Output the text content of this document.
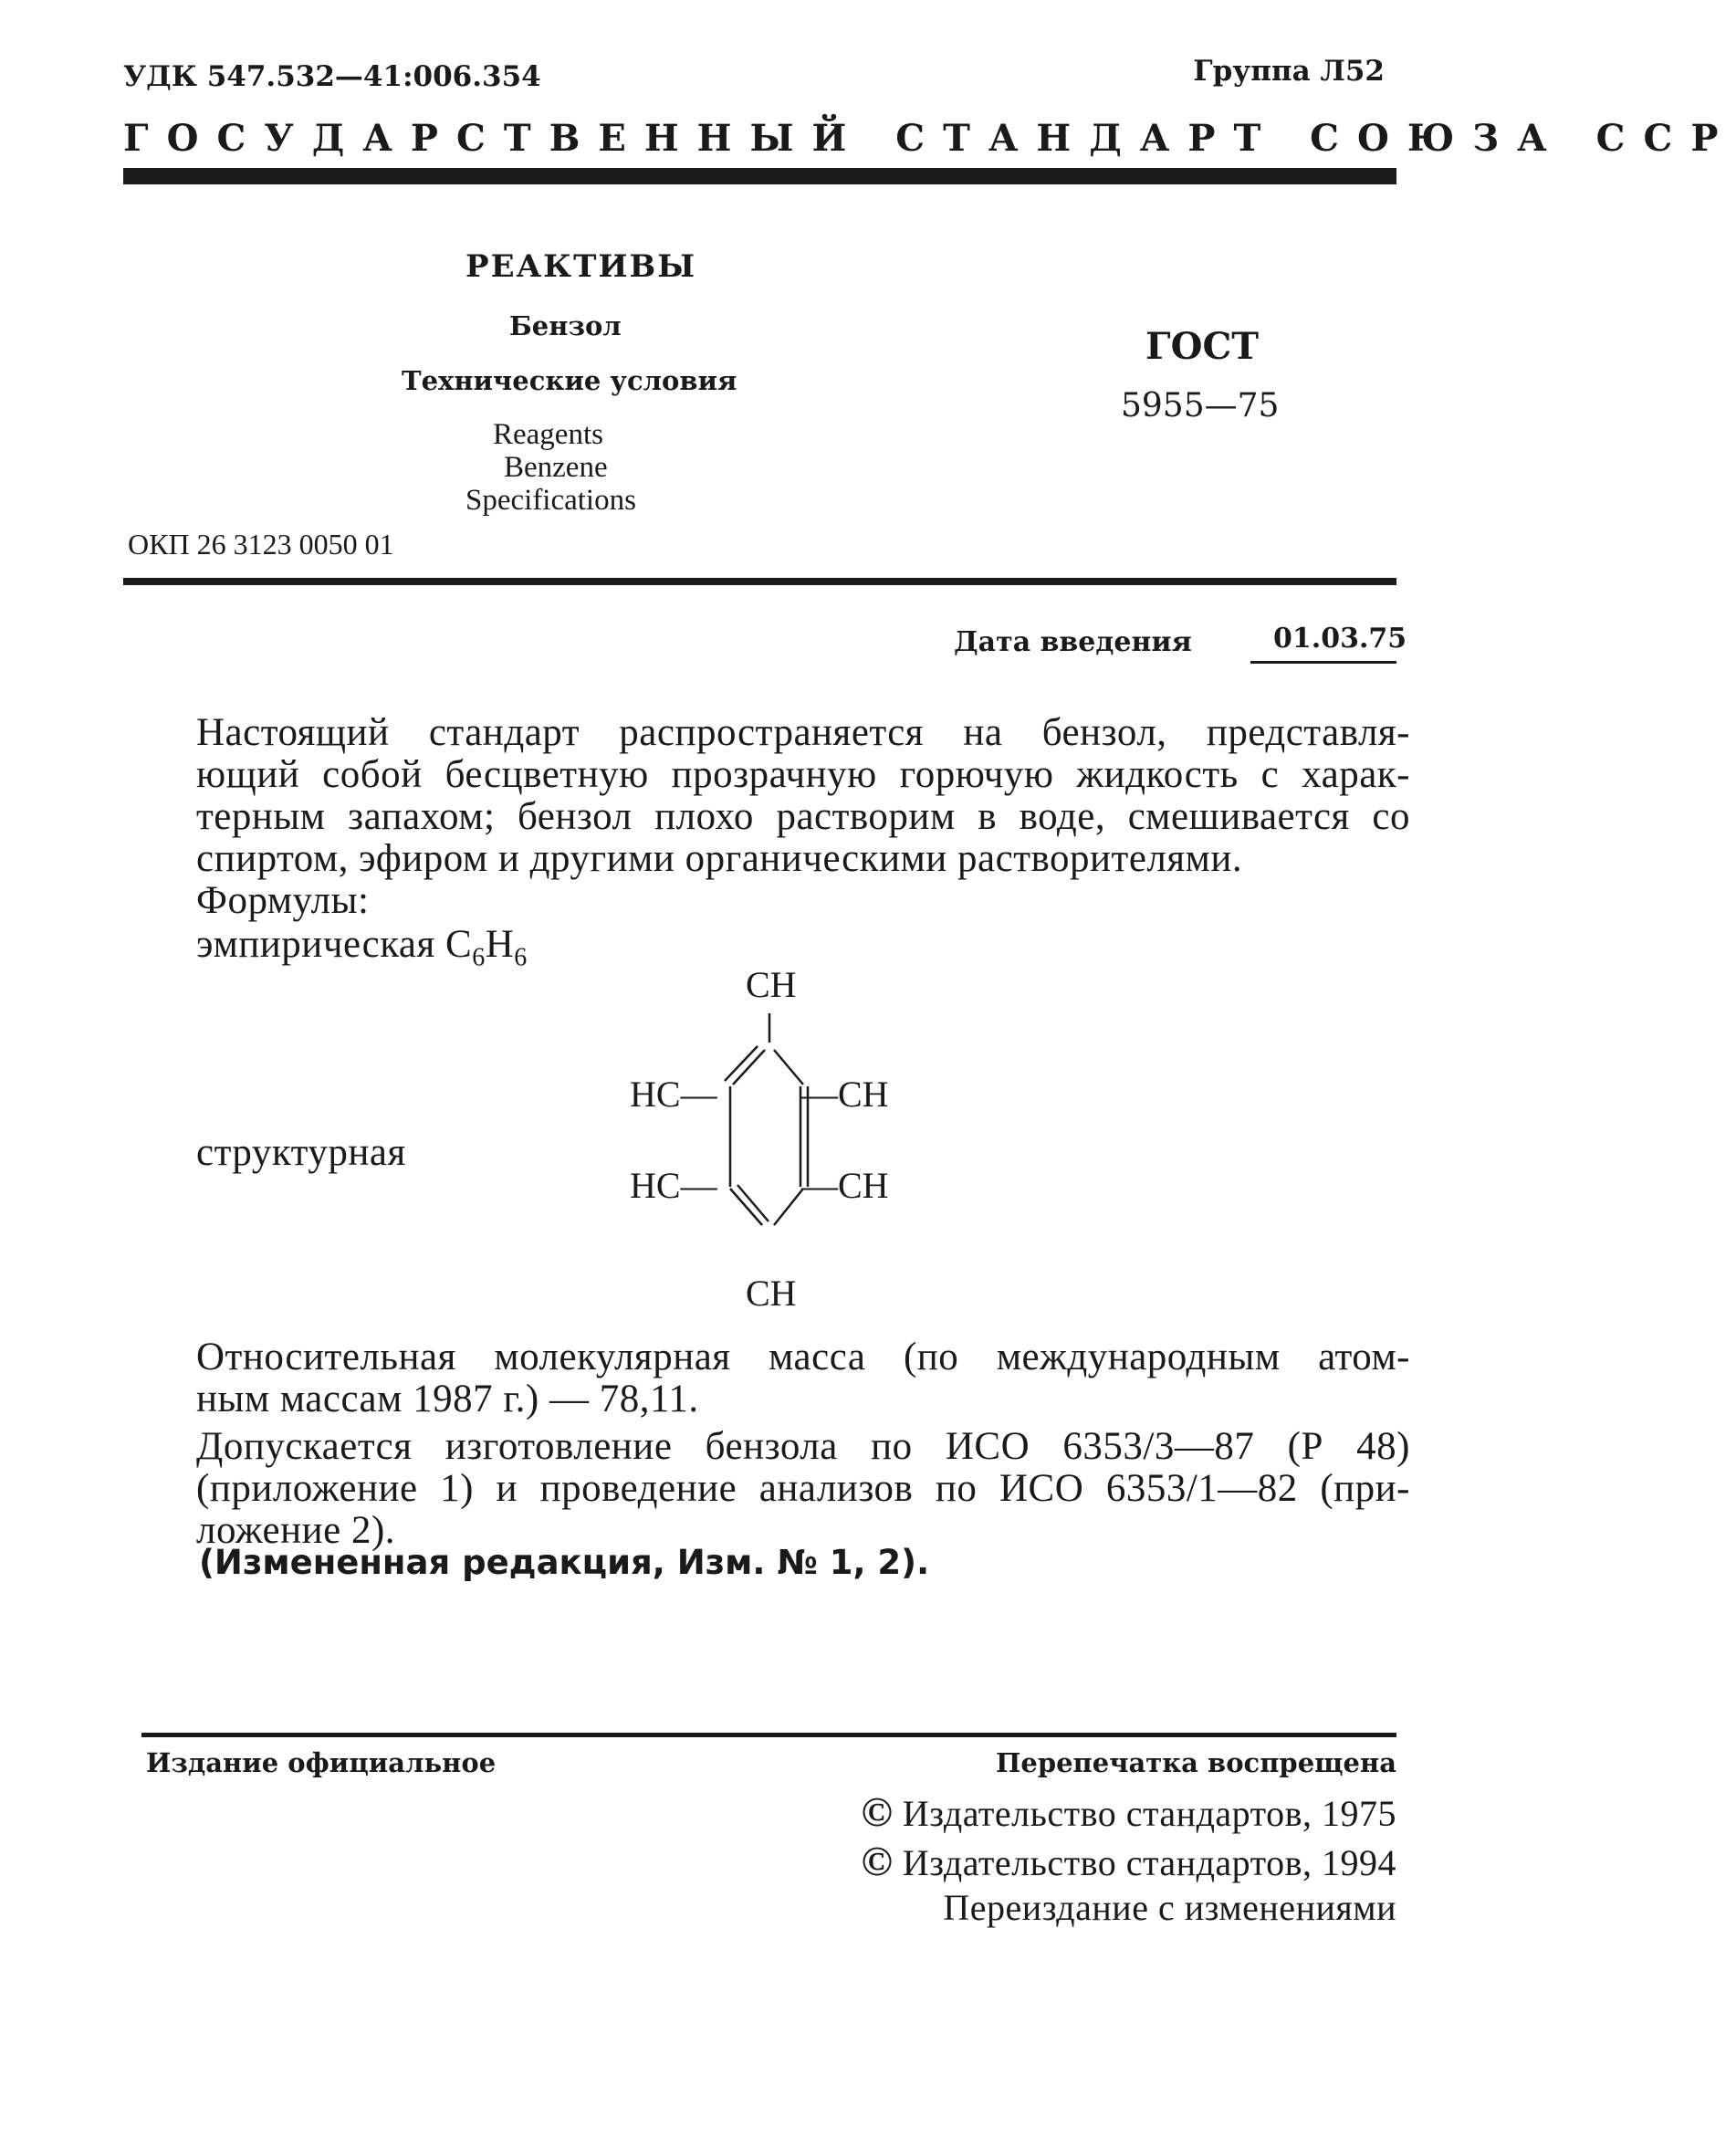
УДК 547.532—41:006.354	Группа Л52
ГОСУДАРСТВЕННЫЙ СТАНДАРТ СОЮЗА ССР
РЕАКТИВЫ
Бензол
Технические условия
Reagents
Benzene
Specifications
ОКП 26 3123 0050 01
ГОСТ
5955—75
Дата введения	01.03.75
Настоящий стандарт распространяется на бензол, представля-
ющий собой бесцветную прозрачную горючую жидкость с харак-
терным запахом; бензол плохо растворим в воде, смешивается со
спиртом, эфиром и другими органическими растворителями.
Формулы:
эмпирическая $C_6H_6$
структурная
CH
HC— —CH
HC— —CH
CH
Относительная молекулярная масса (по международным атом-
ным массам 1987 г.) — 78,11.
Допускается изготовление бензола по ИСО 6353/3—87 (Р 48)
(приложение 1) и проведение анализов по ИСО 6353/1—82 (при-
ложение 2).
(Измененная редакция, Изм. № 1, 2).
Издание официальное	Перепечатка воспрещена
© Издательство стандартов, 1975
© Издательство стандартов, 1994
Переиздание с изменениями
